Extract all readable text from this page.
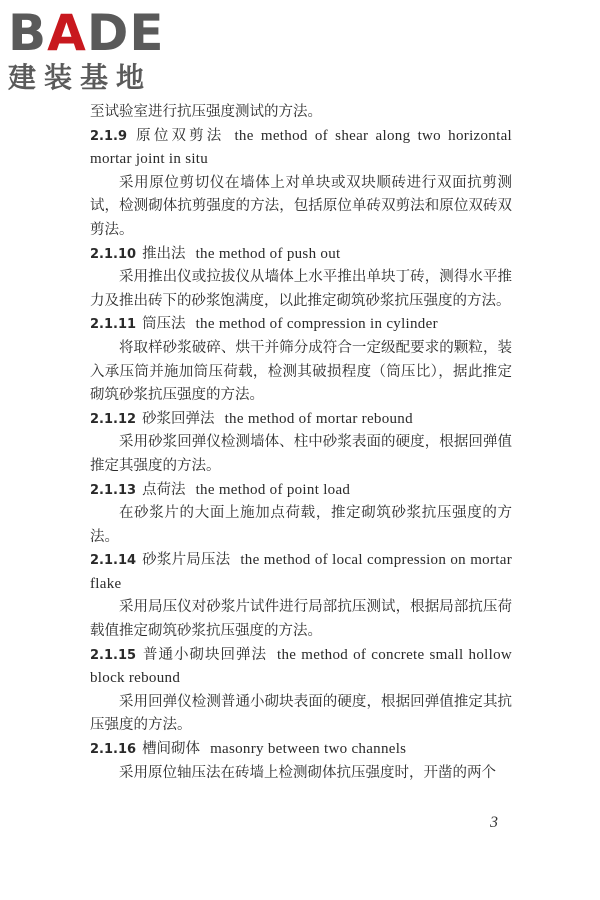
BADE
建装基地

至试验室进行抗压强度测试的方法。

2.1.9 原位双剪法 the method of shear along two horizontal mortar joint in situ

采用原位剪切仪在墙体上对单块或双块顺砖进行双面抗剪测试，检测砌体抗剪强度的方法，包括原位单砖双剪法和原位双砖双剪法。

2.1.10 推出法 the method of push out

采用推出仪或拉拔仪从墙体上水平推出单块丁砖，测得水平推力及推出砖下的砂浆饱满度，以此推定砌筑砂浆抗压强度的方法。

2.1.11 筒压法 the method of compression in cylinder

将取样砂浆破碎、烘干并筛分成符合一定级配要求的颗粒，装入承压筒并施加筒压荷载，检测其破损程度（筒压比），据此推定砌筑砂浆抗压强度的方法。

2.1.12 砂浆回弹法 the method of mortar rebound

采用砂浆回弹仪检测墙体、柱中砂浆表面的硬度，根据回弹值推定其强度的方法。

2.1.13 点荷法 the method of point load

在砂浆片的大面上施加点荷载，推定砌筑砂浆抗压强度的方法。

2.1.14 砂浆片局压法 the method of local compression on mortar flake

采用局压仪对砂浆片试件进行局部抗压测试，根据局部抗压荷载值推定砌筑砂浆抗压强度的方法。

2.1.15 普通小砌块回弹法 the method of concrete small hollow block rebound

采用回弹仪检测普通小砌块表面的硬度，根据回弹值推定其抗压强度的方法。

2.1.16 槽间砌体 masonry between two channels

采用原位轴压法在砖墙上检测砌体抗压强度时，开凿的两个

3
